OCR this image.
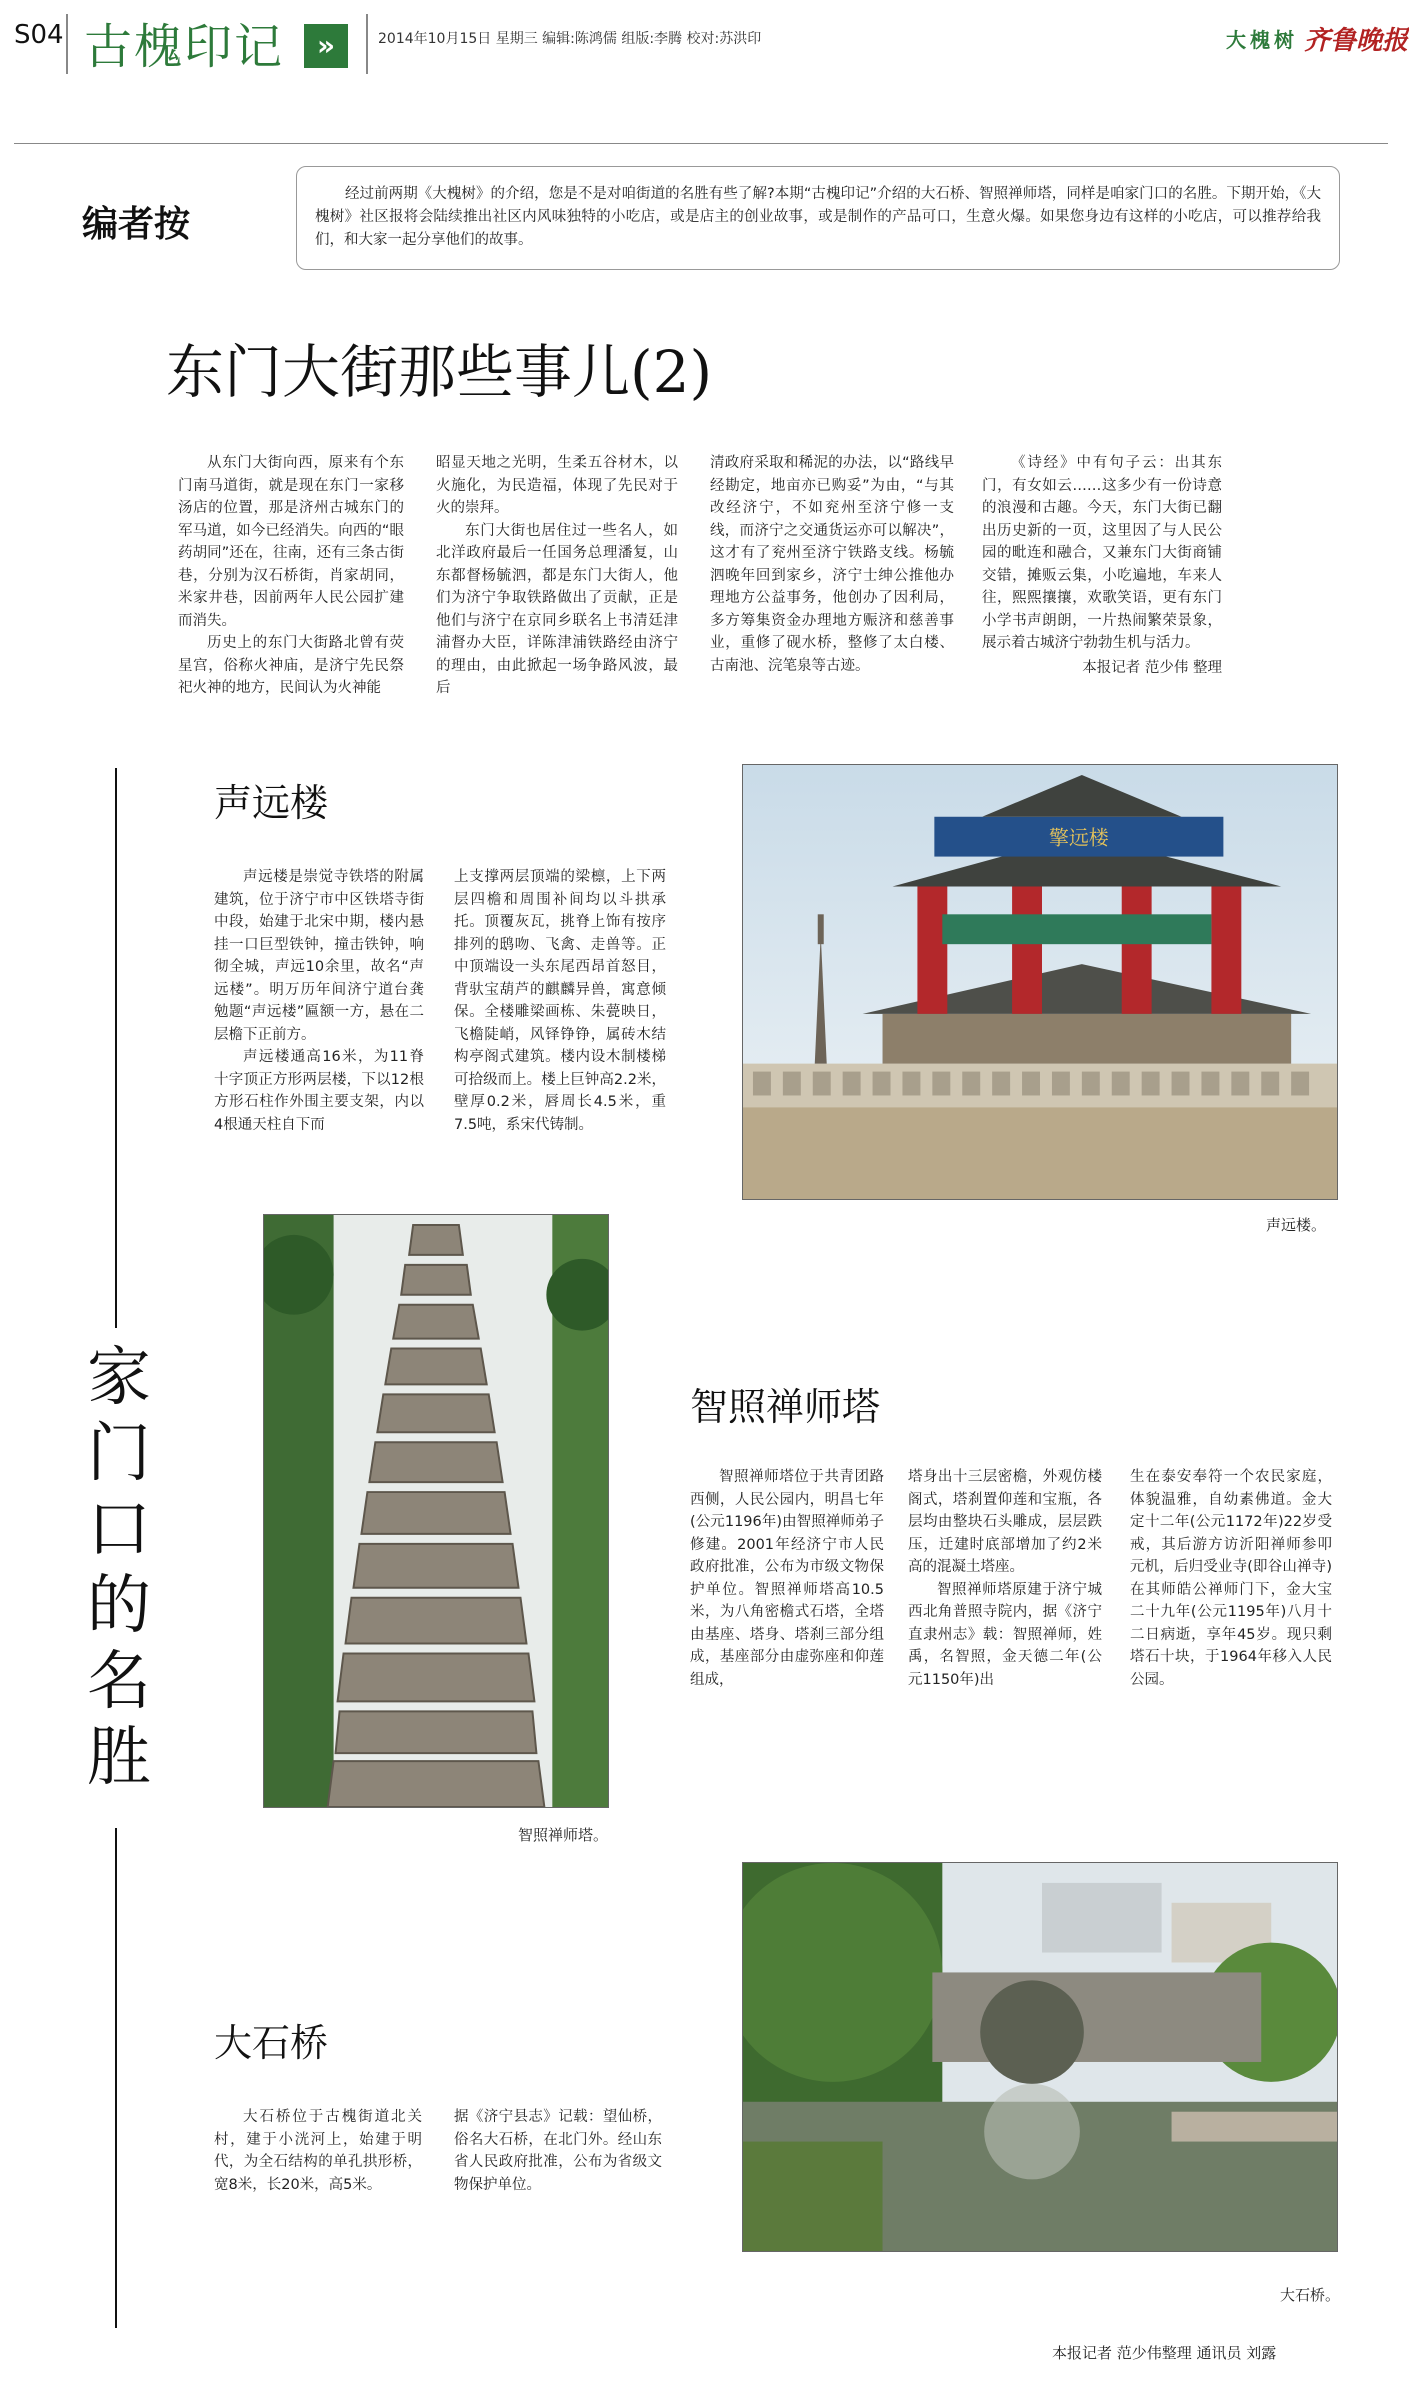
S04 古槐印记	»	2014年10月15日 星期三 编辑:陈鸿儒 组版:李腾 校对:苏洪印	大槐树 齐鲁晚报
编者按
经过前两期《大槐树》的介绍，您是不是对咱街道的名胜有些了解?本期“古槐印记”介绍的大石桥、智照禅师塔，同样是咱家门口的名胜。下期开始，《大槐树》社区报将会陆续推出社区内风味独特的小吃店，或是店主的创业故事，或是制作的产品可口，生意火爆。如果您身边有这样的小吃店，可以推荐给我们，和大家一起分享他们的故事。
东门大街那些事儿(2)

从东门大街向西，原来有个东门南马道街，就是现在东门一家移汤店的位置，那是济州古城东门的军马道，如今已经消失。向西的“眼药胡同”还在，往南，还有三条古街巷，分别为汉石桥街，肖家胡同，米家井巷，因前两年人民公园扩建而消失。

历史上的东门大街路北曾有荧星宫，俗称火神庙，是济宁先民祭祀火神的地方，民间认为火神能

昭显天地之光明，生柔五谷材木，以火施化，为民造福，体现了先民对于火的崇拜。

东门大街也居住过一些名人，如北洋政府最后一任国务总理潘复，山东都督杨毓泗，都是东门大街人，他们为济宁争取铁路做出了贡献，正是他们与济宁在京同乡联名上书清廷津浦督办大臣，详陈津浦铁路经由济宁的理由，由此掀起一场争路风波，最后

清政府采取和稀泥的办法，以“路线早经勘定，地亩亦已购妥”为由，“与其改经济宁，不如兖州至济宁修一支线，而济宁之交通货运亦可以解决”，这才有了兖州至济宁铁路支线。杨毓泗晚年回到家乡，济宁士绅公推他办理地方公益事务，他创办了因利局，多方筹集资金办理地方赈济和慈善事业，重修了砚水桥，整修了太白楼、古南池、浣笔泉等古迹。

《诗经》中有句子云：出其东门，有女如云……这多少有一份诗意的浪漫和古趣。今天，东门大街已翻出历史新的一页，这里因了与人民公园的毗连和融合，又兼东门大街商铺交错，摊贩云集，小吃遍地，车来人往，熙熙攘攘，欢歌笑语，更有东门小学书声朗朗，一片热闹繁荣景象，展示着古城济宁勃勃生机与活力。

本报记者 范少伟 整理

家门口的名胜
声远楼

声远楼是崇觉寺铁塔的附属建筑，位于济宁市中区铁塔寺街中段，始建于北宋中期，楼内悬挂一口巨型铁钟，撞击铁钟，响彻全城，声远10余里，故名“声远楼”。明万历年间济宁道台龚勉题“声远楼”匾额一方，悬在二层檐下正前方。

声远楼通高16米，为11脊十字顶正方形两层楼，下以12根方形石柱作外围主要支架，内以4根通天柱自下而

上支撑两层顶端的梁檩，上下两层四檐和周围补间均以斗拱承托。顶覆灰瓦，挑脊上饰有按序排列的鸱吻、飞禽、走兽等。正中顶端设一头东尾西昂首怒目，背驮宝葫芦的麒麟异兽，寓意倾保。全楼雕梁画栋、朱甍映日，飞檐陡峭，风铎铮铮，属砖木结构亭阁式建筑。楼内设木制楼梯可拾级而上。楼上巨钟高2.2米，壁厚0.2米，唇周长4.5米，重7.5吨，系宋代铸制。

擎远楼
声远楼。
智照禅师塔。
智照禅师塔

智照禅师塔位于共青团路西侧，人民公园内，明昌七年(公元1196年)由智照禅师弟子修建。2001年经济宁市人民政府批准，公布为市级文物保护单位。智照禅师塔高10.5米，为八角密檐式石塔，全塔由基座、塔身、塔刹三部分组成，基座部分由虚弥座和仰莲组成，

塔身出十三层密檐，外观仿楼阁式，塔刹置仰莲和宝瓶，各层均由整块石头雕成，层层跌压，迁建时底部增加了约2米高的混凝土塔座。

智照禅师塔原建于济宁城西北角普照寺院内，据《济宁直隶州志》载：智照禅师，姓禹，名智照，金天德二年(公元1150年)出

生在泰安奉符一个农民家庭，体貌温雅，自幼素佛道。金大定十二年(公元1172年)22岁受戒，其后游方访沂阳禅师参叩元机，后归受业寺(即谷山禅寺)在其师皓公禅师门下，金大宝二十九年(公元1195年)八月十二日病逝，享年45岁。现只剩塔石十块，于1964年移入人民公园。

大石桥

大石桥位于古槐街道北关村，建于小洸河上，始建于明代，为全石结构的单孔拱形桥，宽8米，长20米，高5米。

据《济宁县志》记载：望仙桥，俗名大石桥，在北门外。经山东省人民政府批准，公布为省级文物保护单位。

大石桥。
本报记者 范少伟整理 通讯员 刘露
